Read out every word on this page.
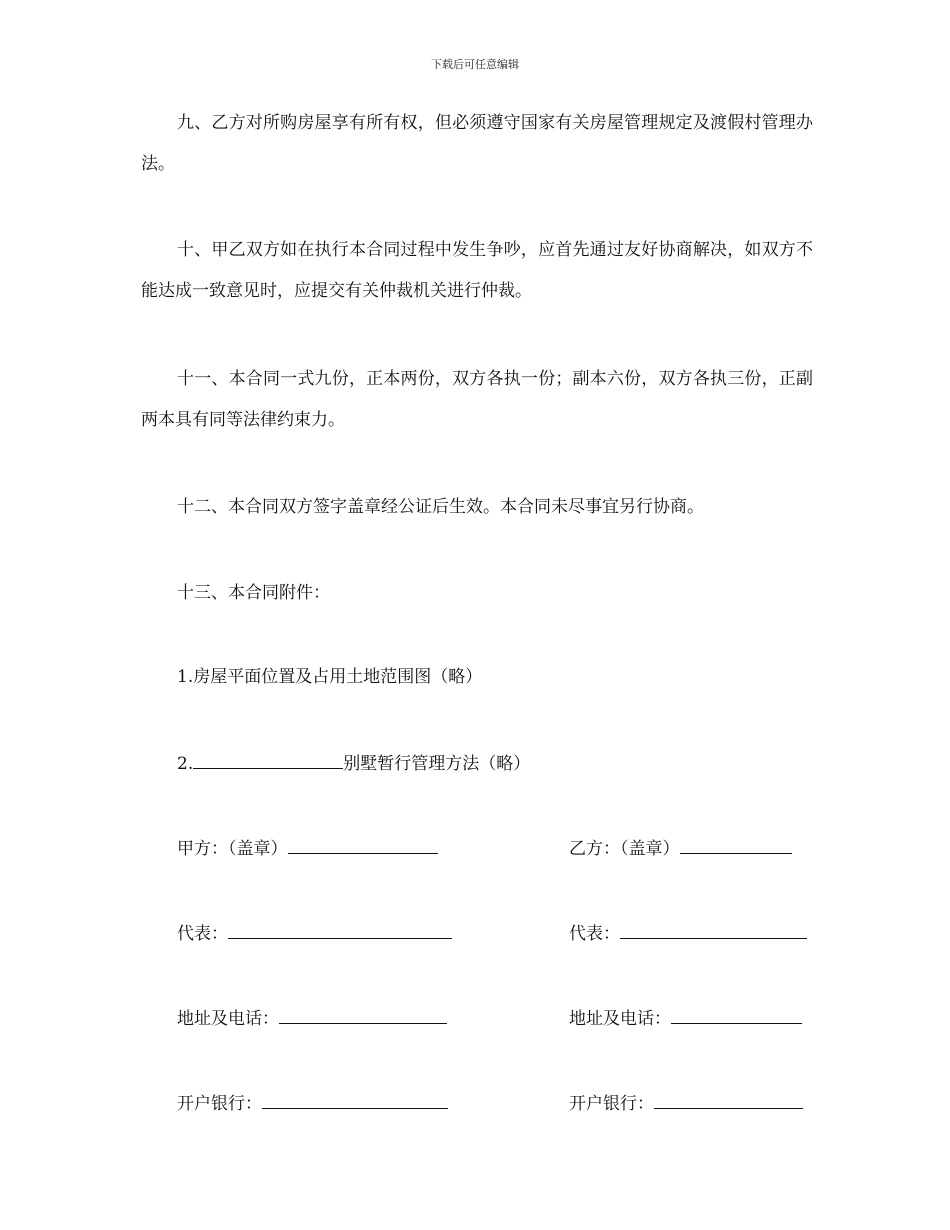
下载后可任意编辑

九、乙方对所购房屋享有所有权，但必须遵守国家有关房屋管理规定及渡假村管理办法。

十、甲乙双方如在执行本合同过程中发生争吵，应首先通过友好协商解决，如双方不能达成一致意见时，应提交有关仲裁机关进行仲裁。

十一、本合同一式九份，正本两份，双方各执一份；副本六份，双方各执三份，正副两本具有同等法律约束力。

十二、本合同双方签字盖章经公证后生效。本合同未尽事宜另行协商。

十三、本合同附件：

1.房屋平面位置及占用土地范围图（略）

2.	别墅暂行管理方法（略）

甲方：（盖章）
代表：
地址及电话：
开户银行：
乙方：（盖章）
代表：
地址及电话：
开户银行：
